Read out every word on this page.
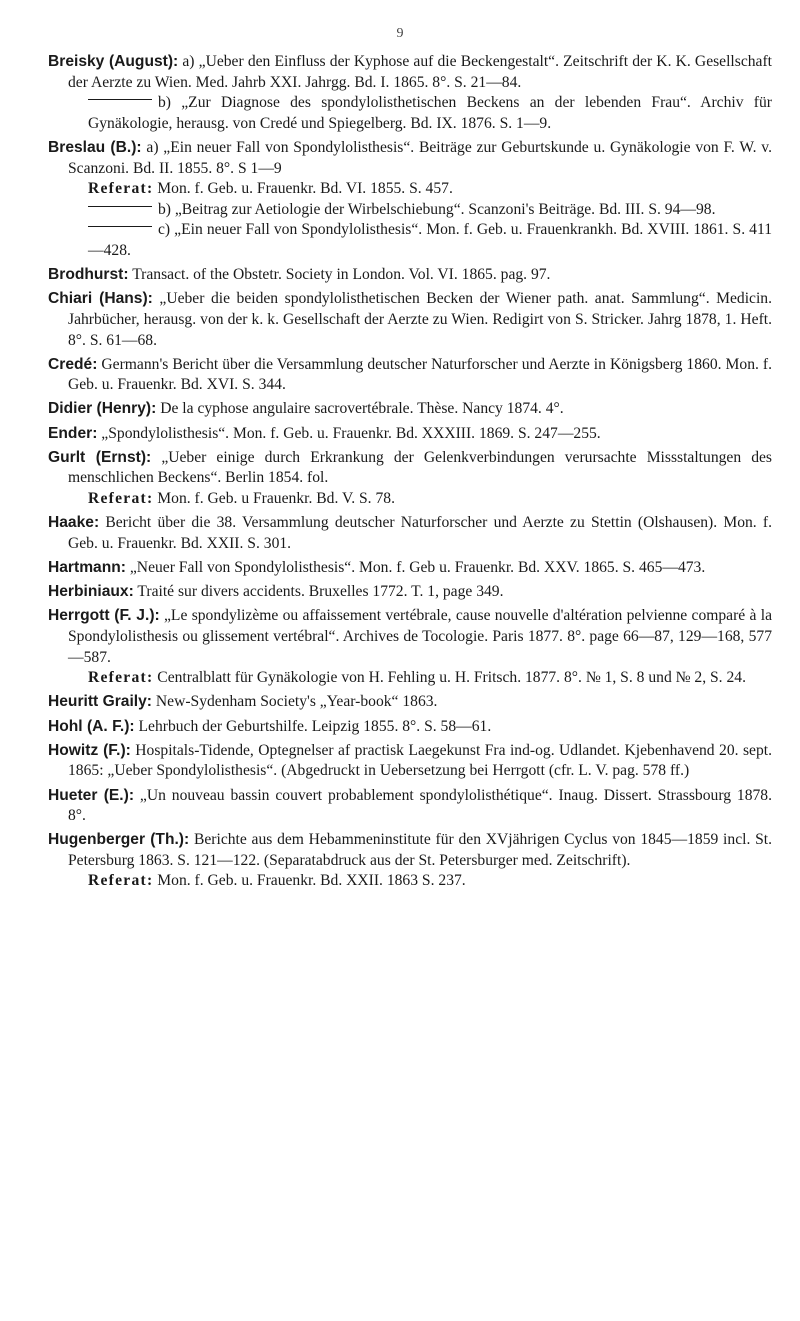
9

Breisky (August): a) „Ueber den Einfluss der Kyphose auf die Beckengestalt“. Zeitschrift der K. K. Gesellschaft der Aerzte zu Wien. Med. Jahrb XXI. Jahrgg. Bd. I. 1865. 8°. S. 21—84.
b) „Zur Diagnose des spondylolisthetischen Beckens an der lebenden Frau“. Archiv für Gynäkologie, herausg. von Credé und Spiegelberg. Bd. IX. 1876. S. 1—9.

Breslau (B.): a) „Ein neuer Fall von Spondylolisthesis“. Beiträge zur Geburtskunde u. Gynäkologie von F. W. v. Scanzoni. Bd. II. 1855. 8°. S 1—9
Referat: Mon. f. Geb. u. Frauenkr. Bd. VI. 1855. S. 457.
b) „Beitrag zur Aetiologie der Wirbelschiebung“. Scanzoni's Beiträge. Bd. III. S. 94—98.
c) „Ein neuer Fall von Spondylolisthesis“. Mon. f. Geb. u. Frauenkrankh. Bd. XVIII. 1861. S. 411—428.

Brodhurst: Transact. of the Obstetr. Society in London. Vol. VI. 1865. pag. 97.

Chiari (Hans): „Ueber die beiden spondylolisthetischen Becken der Wiener path. anat. Sammlung“. Medicin. Jahrbücher, herausg. von der k. k. Gesellschaft der Aerzte zu Wien. Redigirt von S. Stricker. Jahrg 1878, 1. Heft. 8°. S. 61—68.

Credé: Germann's Bericht über die Versammlung deutscher Naturforscher und Aerzte in Königsberg 1860. Mon. f. Geb. u. Frauenkr. Bd. XVI. S. 344.

Didier (Henry): De la cyphose angulaire sacrovertébrale. Thèse. Nancy 1874. 4°.

Ender: „Spondylolisthesis“. Mon. f. Geb. u. Frauenkr. Bd. XXXIII. 1869. S. 247—255.

Gurlt (Ernst): „Ueber einige durch Erkrankung der Gelenkverbindungen verursachte Missstaltungen des menschlichen Beckens“. Berlin 1854. fol.
Referat: Mon. f. Geb. u Frauenkr. Bd. V. S. 78.

Haake: Bericht über die 38. Versammlung deutscher Naturforscher und Aerzte zu Stettin (Olshausen). Mon. f. Geb. u. Frauenkr. Bd. XXII. S. 301.

Hartmann: „Neuer Fall von Spondylolisthesis“. Mon. f. Geb u. Frauenkr. Bd. XXV. 1865. S. 465—473.

Herbiniaux: Traité sur divers accidents. Bruxelles 1772. T. 1, page 349.

Herrgott (F. J.): „Le spondylizème ou affaissement vertébrale, cause nouvelle d'altération pelvienne comparé à la Spondylolisthesis ou glissement vertébral“. Archives de Tocologie. Paris 1877. 8°. page 66—87, 129—168, 577—587.
Referat: Centralblatt für Gynäkologie von H. Fehling u. H. Fritsch. 1877. 8°. № 1, S. 8 und № 2, S. 24.

Heuritt Graily: New-Sydenham Society's „Year-book“ 1863.

Hohl (A. F.): Lehrbuch der Geburtshilfe. Leipzig 1855. 8°. S. 58—61.

Howitz (F.): Hospitals-Tidende, Optegnelser af practisk Laegekunst Fra ind-og. Udlandet. Kjebenhavend 20. sept. 1865: „Ueber Spondylolisthesis“. (Abgedruckt in Uebersetzung bei Herrgott (cfr. L. V. pag. 578 ff.)

Hueter (E.): „Un nouveau bassin couvert probablement spondylolisthétique“. Inaug. Dissert. Strassbourg 1878. 8°.

Hugenberger (Th.): Berichte aus dem Hebammeninstitute für den XVjährigen Cyclus von 1845—1859 incl. St. Petersburg 1863. S. 121—122. (Separatabdruck aus der St. Petersburger med. Zeitschrift).
Referat: Mon. f. Geb. u. Frauenkr. Bd. XXII. 1863 S. 237.
